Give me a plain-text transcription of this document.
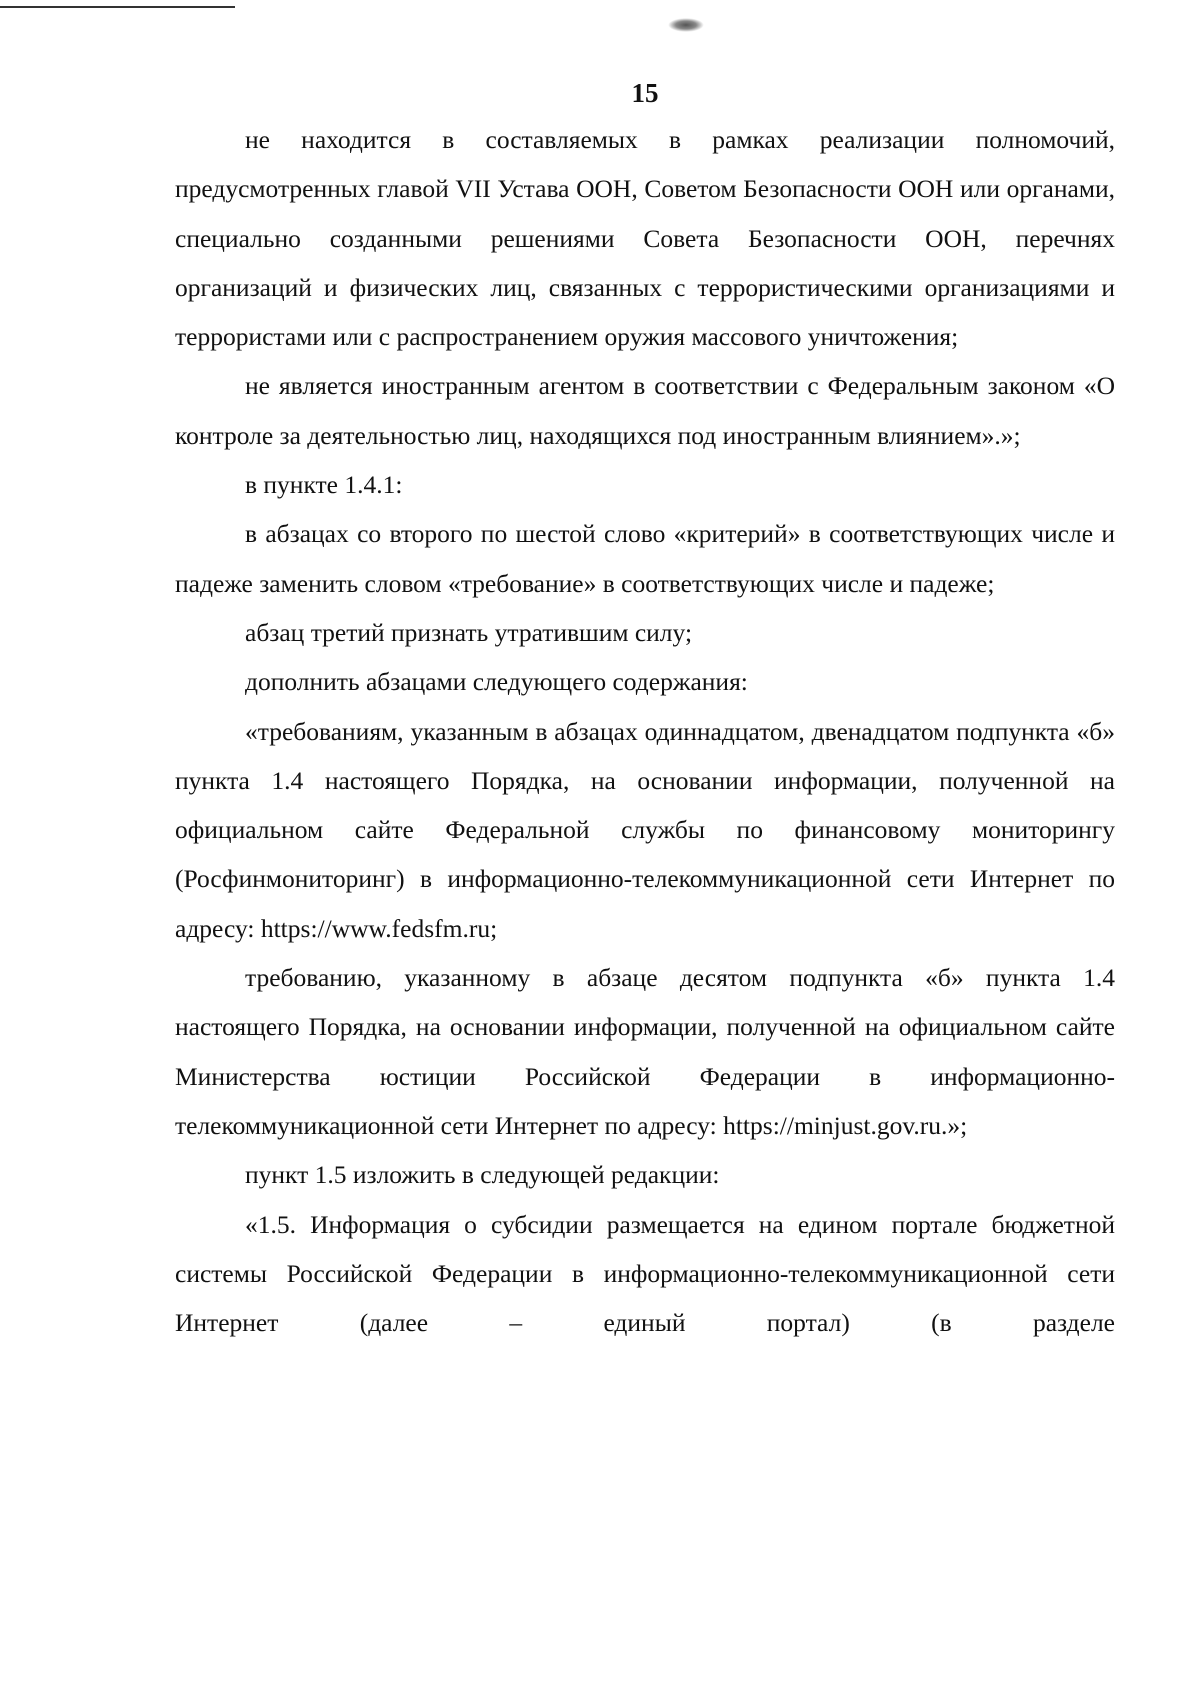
15

не находится в составляемых в рамках реализации полномочий, предусмотренных главой VII Устава ООН, Советом Безопасности ООН или органами, специально созданными решениями Совета Безопасности ООН, перечнях организаций и физических лиц, связанных с террористическими организациями и террористами или с распространением оружия массового уничтожения;

не является иностранным агентом в соответствии с Федеральным законом «О контроле за деятельностью лиц, находящихся под иностранным влиянием».»;

в пункте 1.4.1:

в абзацах со второго по шестой слово «критерий» в соответствующих числе и падеже заменить словом «требование» в соответствующих числе и падеже;

абзац третий признать утратившим силу;

дополнить абзацами следующего содержания:

«требованиям, указанным в абзацах одиннадцатом, двенадцатом подпункта «б» пункта 1.4 настоящего Порядка, на основании информации, полученной на официальном сайте Федеральной службы по финансовому мониторингу (Росфинмониторинг) в информационно-телекоммуникационной сети Интернет по адресу: https://www.fedsfm.ru;

требованию, указанному в абзаце десятом подпункта «б» пункта 1.4 настоящего Порядка, на основании информации, полученной на официальном сайте Министерства юстиции Российской Федерации в информационно-телекоммуникационной сети Интернет по адресу: https://minjust.gov.ru.»;

пункт 1.5 изложить в следующей редакции:

«1.5. Информация о субсидии размещается на едином портале бюджетной системы Российской Федерации в информационно-телекоммуникационной сети Интернет (далее – единый портал) (в разделе
